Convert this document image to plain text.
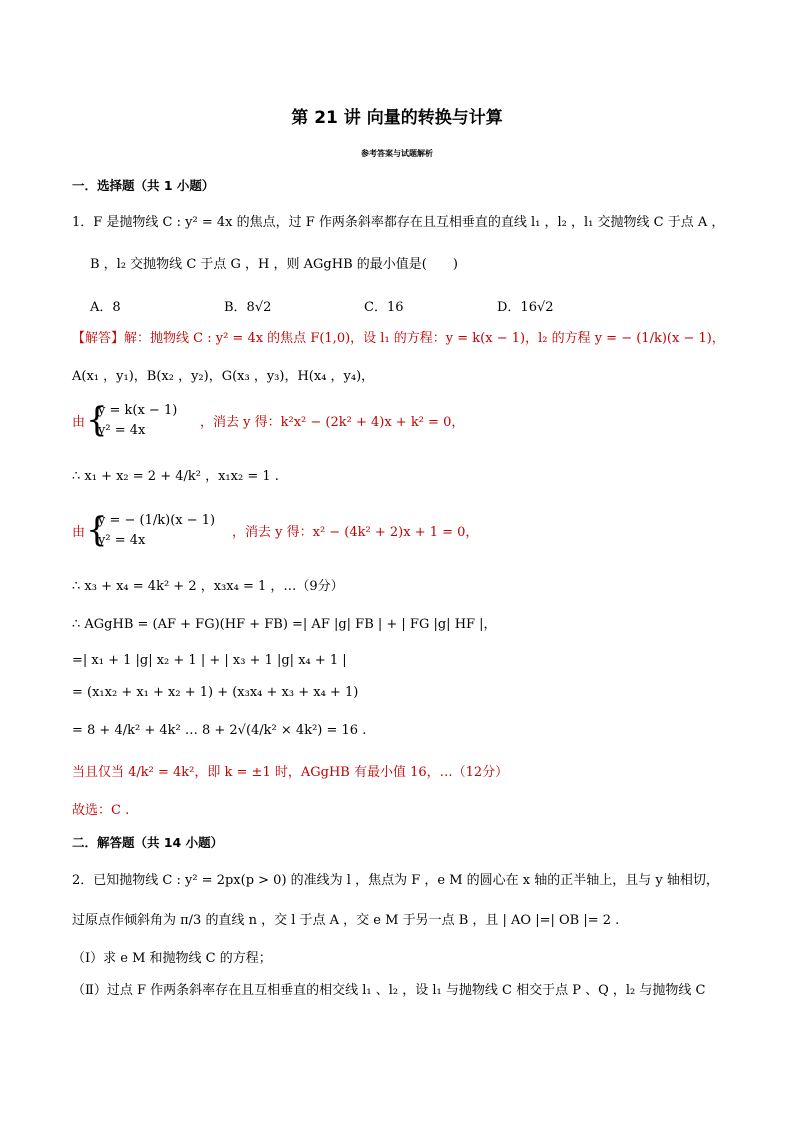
第 21 讲 向量的转换与计算
参考答案与试题解析
一．选择题（共 1 小题）
1．F 是抛物线 C : y² = 4x 的焦点，过 F 作两条斜率都存在且互相垂直的直线 l₁ ，l₂ ，l₁ 交抛物线 C 于点 A ，
B ，l₂ 交抛物线 C 于点 G ，H ，则 AGgHB 的最小值是(　　)
A．8	B．8√2	C．16	D．16√2
【解答】解：抛物线 C : y² = 4x 的焦点 F(1,0)，设 l₁ 的方程：y = k(x − 1)，l₂ 的方程 y = − (1/k)(x − 1)，
A(x₁ ，y₁)，B(x₂ ，y₂)，G(x₃ ，y₃)，H(x₄ ，y₄)，
由 {
y = k(x − 1)
y² = 4x
，消去 y 得：k²x² − (2k² + 4)x + k² = 0，
∴ x₁ + x₂ = 2 + 4/k² ，x₁x₂ = 1 .
由 {
y = − (1/k)(x − 1)
y² = 4x
，消去 y 得：x² − (4k² + 2)x + 1 = 0，
∴ x₃ + x₄ = 4k² + 2 ，x₃x₄ = 1 ，…（9分）
∴ AGgHB = (AF + FG)(HF + FB) =| AF |g| FB | + | FG |g| HF |，
=| x₁ + 1 |g| x₂ + 1 | + | x₃ + 1 |g| x₄ + 1 |
= (x₁x₂ + x₁ + x₂ + 1) + (x₃x₄ + x₃ + x₄ + 1)
= 8 + 4/k² + 4k² … 8 + 2√(4/k² × 4k²) = 16 .
当且仅当 4/k² = 4k²，即 k = ±1 时，AGgHB 有最小值 16，…（12分）
故选：C .
二．解答题（共 14 小题）
2．已知抛物线 C : y² = 2px(p > 0) 的准线为 l ，焦点为 F ，e M 的圆心在 x 轴的正半轴上，且与 y 轴相切，
过原点作倾斜角为 π/3 的直线 n ，交 l 于点 A ，交 e M 于另一点 B ，且 | AO |=| OB |= 2 .
（Ⅰ）求 e M 和抛物线 C 的方程；
（Ⅱ）过点 F 作两条斜率存在且互相垂直的相交线 l₁ 、l₂ ，设 l₁ 与抛物线 C 相交于点 P 、Q ，l₂ 与抛物线 C
